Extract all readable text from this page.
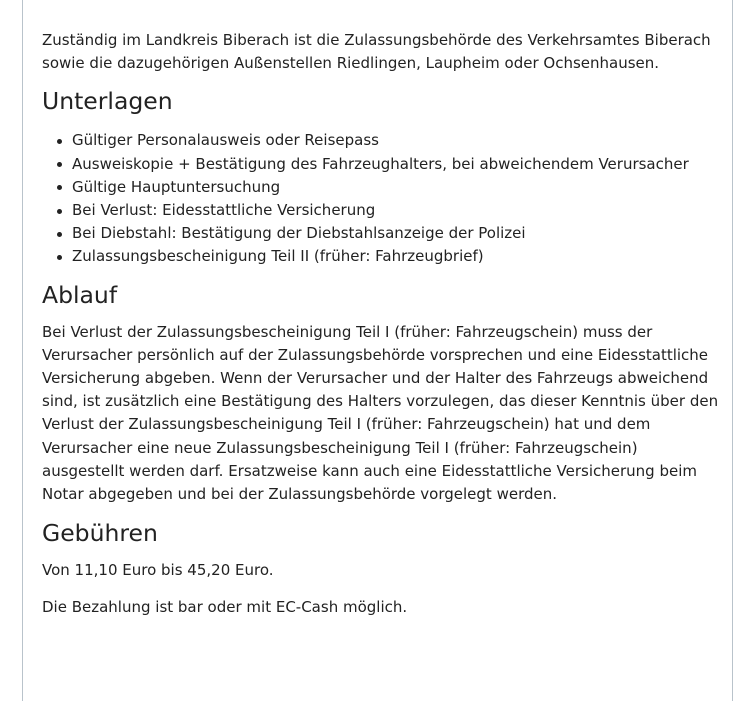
Zuständig im Landkreis Biberach ist die Zulassungsbehörde des Verkehrsamtes Biberach sowie die dazugehörigen Außenstellen Riedlingen, Laupheim oder Ochsenhausen.

Unterlagen
Gültiger Personalausweis oder Reisepass
Ausweiskopie + Bestätigung des Fahrzeughalters, bei abweichendem Verursacher
Gültige Hauptuntersuchung
Bei Verlust: Eidesstattliche Versicherung
Bei Diebstahl: Bestätigung der Diebstahlsanzeige der Polizei
Zulassungsbescheinigung Teil II (früher: Fahrzeugbrief)
Ablauf

Bei Verlust der Zulassungsbescheinigung Teil I (früher: Fahrzeugschein) muss der Verursacher persönlich auf der Zulassungsbehörde vorsprechen und eine Eidesstattliche Versicherung abgeben. Wenn der Verursacher und der Halter des Fahrzeugs abweichend sind, ist zusätzlich eine Bestätigung des Halters vorzulegen, das dieser Kenntnis über den Verlust der Zulassungsbescheinigung Teil I (früher: Fahrzeugschein) hat und dem Verursacher eine neue Zulassungsbescheinigung Teil I (früher: Fahrzeugschein) ausgestellt werden darf. Ersatzweise kann auch eine Eidesstattliche Versicherung beim Notar abgegeben und bei der Zulassungsbehörde vorgelegt werden.

Gebühren

Von 11,10 Euro bis 45,20 Euro.

Die Bezahlung ist bar oder mit EC-Cash möglich.
